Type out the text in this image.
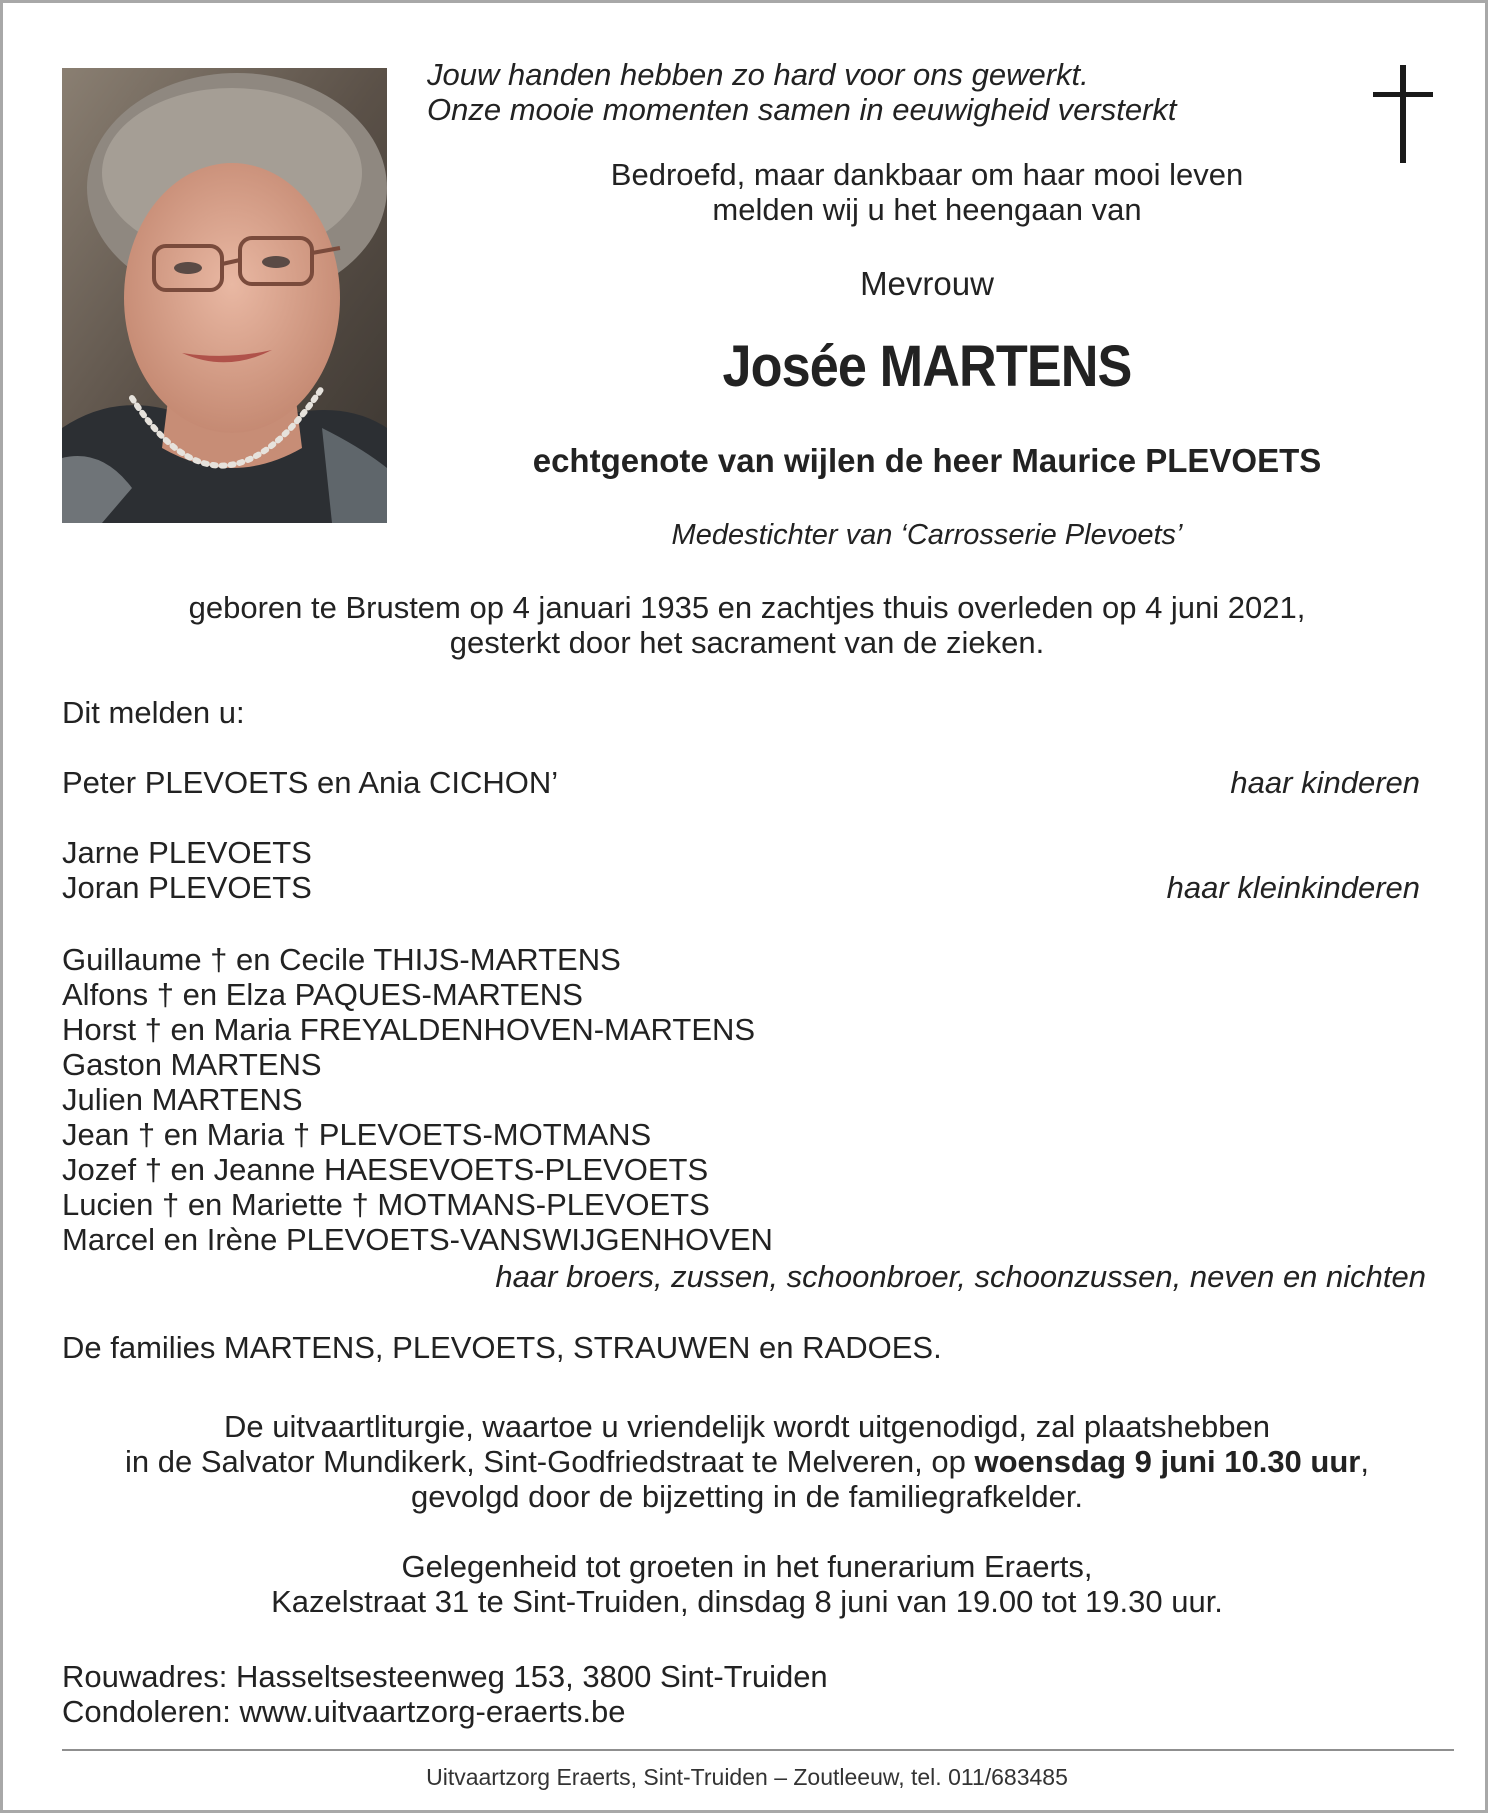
Jouw handen hebben zo hard voor ons gewerkt.
Onze mooie momenten samen in eeuwigheid versterkt
Bedroefd, maar dankbaar om haar mooi leven
melden wij u het heengaan van
Mevrouw
Josée MARTENS
echtgenote van wijlen de heer Maurice PLEVOETS
Medestichter van ‘Carrosserie Plevoets’
geboren te Brustem op 4 januari 1935 en zachtjes thuis overleden op 4 juni 2021,
gesterkt door het sacrament van de zieken.
Dit melden u:
Peter PLEVOETS en Ania CICHON’	haar kinderen
Jarne PLEVOETS
Joran PLEVOETS	haar kleinkinderen
Guillaume † en Cecile THIJS-MARTENS
Alfons † en Elza PAQUES-MARTENS
Horst † en Maria FREYALDENHOVEN-MARTENS
Gaston MARTENS
Julien MARTENS
Jean † en Maria † PLEVOETS-MOTMANS
Jozef † en Jeanne HAESEVOETS-PLEVOETS
Lucien † en Mariette † MOTMANS-PLEVOETS
Marcel en Irène PLEVOETS-VANSWIJGENHOVEN
haar broers, zussen, schoonbroer, schoonzussen, neven en nichten
De families MARTENS, PLEVOETS, STRAUWEN en RADOES.
De uitvaartliturgie, waartoe u vriendelijk wordt uitgenodigd, zal plaatshebben
in de Salvator Mundikerk, Sint-Godfriedstraat te Melveren, op woensdag 9 juni 10.30 uur,
gevolgd door de bijzetting in de familiegrafkelder.
Gelegenheid tot groeten in het funerarium Eraerts,
Kazelstraat 31 te Sint-Truiden, dinsdag 8 juni van 19.00 tot 19.30 uur.
Rouwadres: Hasseltsesteenweg 153, 3800 Sint-Truiden
Condoleren: www.uitvaartzorg-eraerts.be
Uitvaartzorg Eraerts, Sint-Truiden – Zoutleeuw, tel. 011/683485
